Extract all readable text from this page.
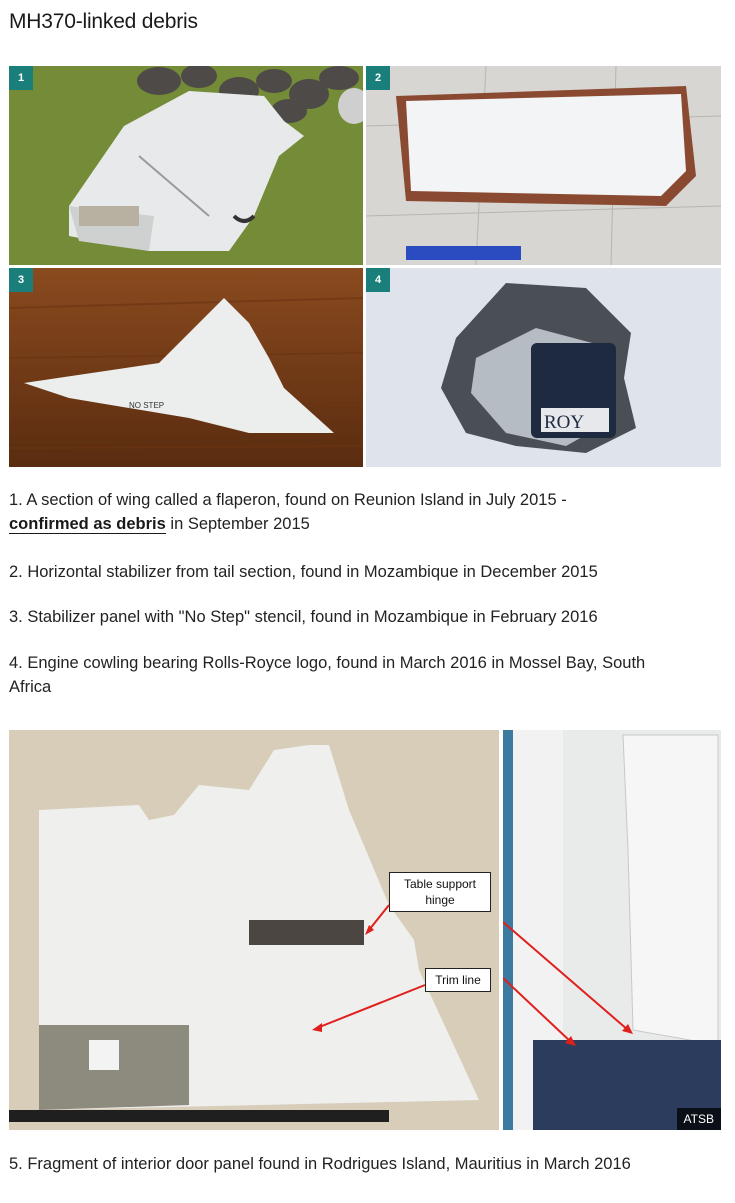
MH370-linked debris
1	2
NO STEP
3
ROY
4

1. A section of wing called a flaperon, found on Reunion Island in July 2015 -
confirmed as debris in September 2015

2. Horizontal stabilizer from tail section, found in Mozambique in December 2015

3. Stabilizer panel with "No Step" stencil, found in Mozambique in February 2016

4. Engine cowling bearing Rolls-Royce logo, found in March 2016 in Mossel Bay, South Africa

Table support hinge
Trim line
ATSB

5. Fragment of interior door panel found in Rodrigues Island, Mauritius in March 2016
